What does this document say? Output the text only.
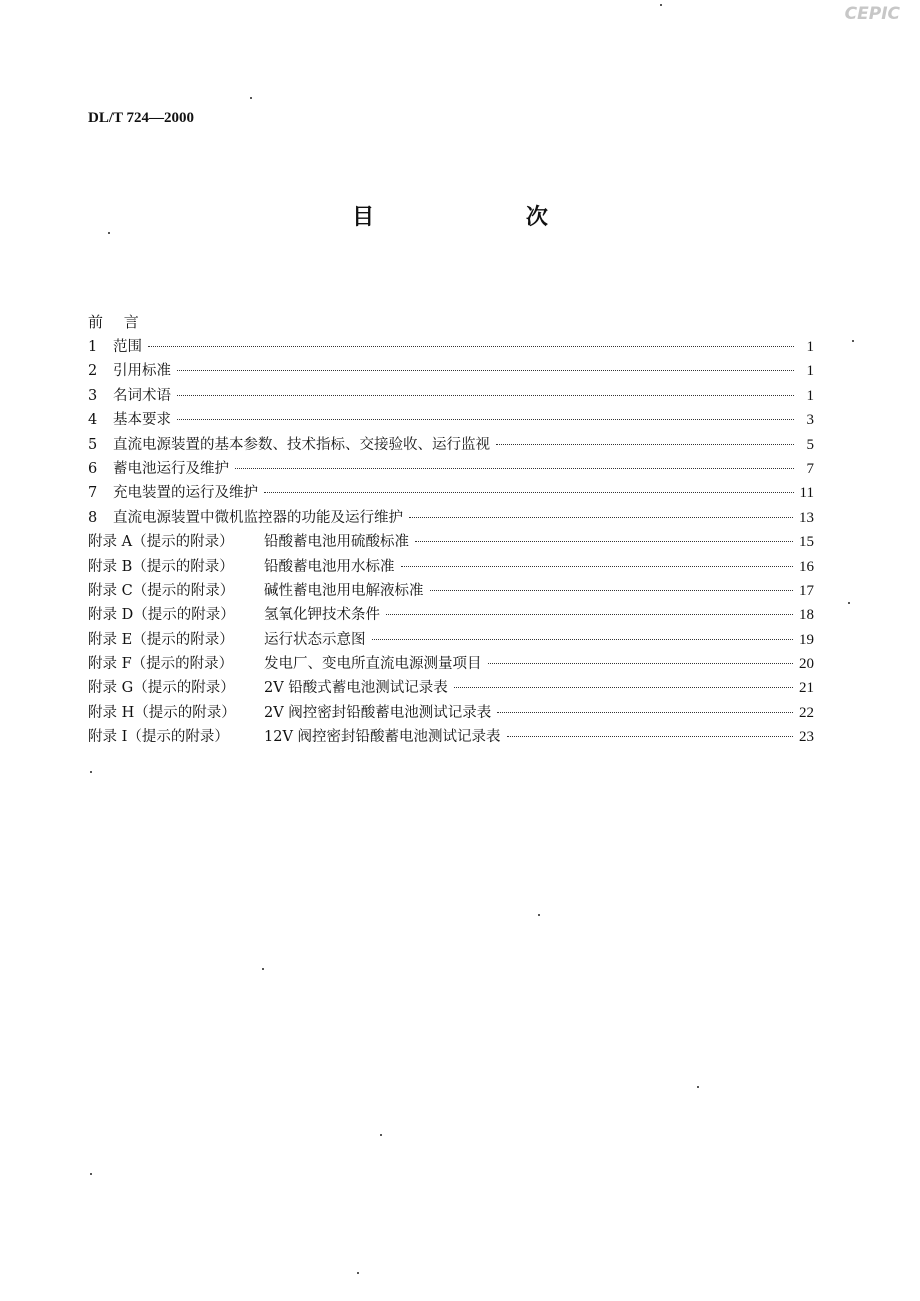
CEPIC
DL/T 724—2000
目 次
前 言
1	范围	1
2	引用标准	1
3	名词术语	1
4	基本要求	3
5	直流电源装置的基本参数、技术指标、交接验收、运行监视	5
6	蓄电池运行及维护	7
7	充电装置的运行及维护	11
8	直流电源装置中微机监控器的功能及运行维护	13
附录 A（提示的附录）	铅酸蓄电池用硫酸标准	15
附录 B（提示的附录）	铅酸蓄电池用水标准	16
附录 C（提示的附录）	碱性蓄电池用电解液标准	17
附录 D（提示的附录）	氢氧化钾技术条件	18
附录 E（提示的附录）	运行状态示意图	19
附录 F（提示的附录）	发电厂、变电所直流电源测量项目	20
附录 G（提示的附录）	2V 铅酸式蓄电池测试记录表	21
附录 H（提示的附录）	2V 阀控密封铅酸蓄电池测试记录表	22
附录 I（提示的附录）	12V 阀控密封铅酸蓄电池测试记录表	23
